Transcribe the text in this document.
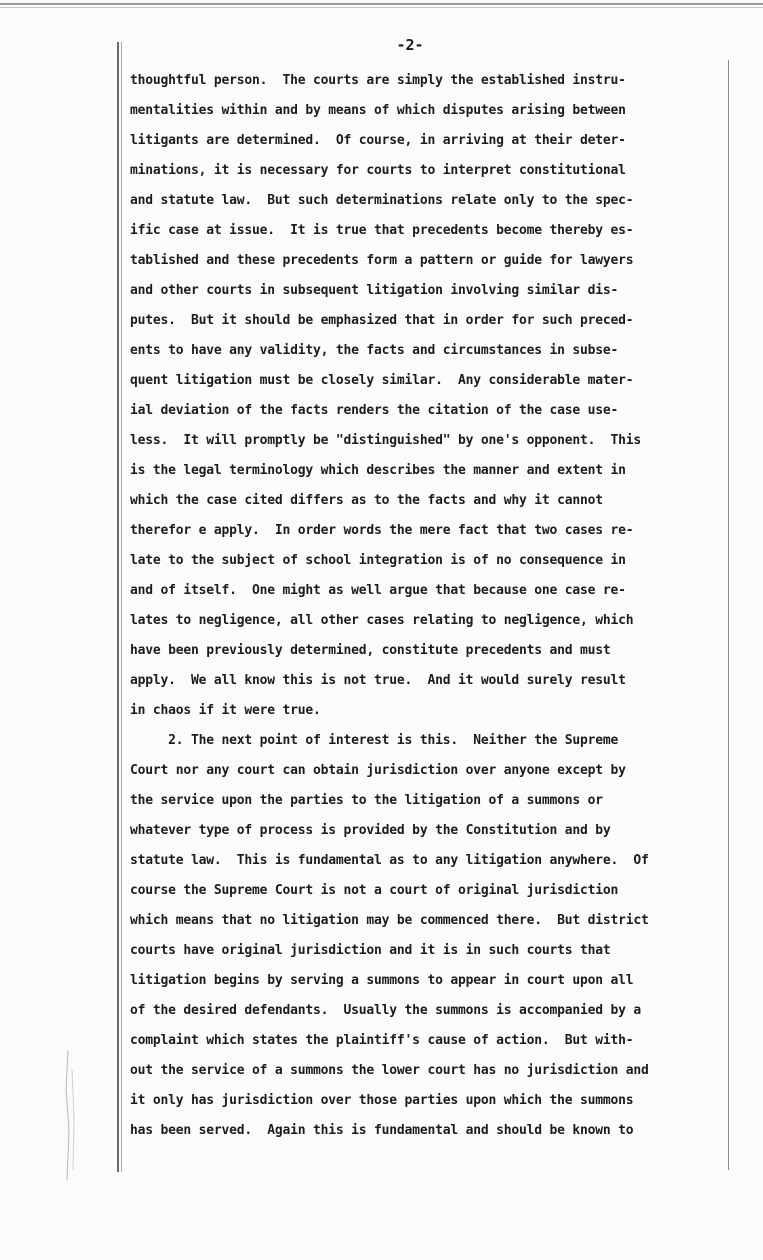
-2-
thoughtful person.  The courts are simply the established instru-
mentalities within and by means of which disputes arising between
litigants are determined.  Of course, in arriving at their deter-
minations, it is necessary for courts to interpret constitutional
and statute law.  But such determinations relate only to the spec-
ific case at issue.  It is true that precedents become thereby es-
tablished and these precedents form a pattern or guide for lawyers
and other courts in subsequent litigation involving similar dis-
putes.  But it should be emphasized that in order for such preced-
ents to have any validity, the facts and circumstances in subse-
quent litigation must be closely similar.  Any considerable mater-
ial deviation of the facts renders the citation of the case use-
less.  It will promptly be "distinguished" by one's opponent.  This
is the legal terminology which describes the manner and extent in
which the case cited differs as to the facts and why it cannot
therefor e apply.  In order words the mere fact that two cases re-
late to the subject of school integration is of no consequence in
and of itself.  One might as well argue that because one case re-
lates to negligence, all other cases relating to negligence, which
have been previously determined, constitute precedents and must
apply.  We all know this is not true.  And it would surely result
in chaos if it were true.
2. The next point of interest is this.  Neither the Supreme
Court nor any court can obtain jurisdiction over anyone except by
the service upon the parties to the litigation of a summons or
whatever type of process is provided by the Constitution and by
statute law.  This is fundamental as to any litigation anywhere.  Of
course the Supreme Court is not a court of original jurisdiction
which means that no litigation may be commenced there.  But district
courts have original jurisdiction and it is in such courts that
litigation begins by serving a summons to appear in court upon all
of the desired defendants.  Usually the summons is accompanied by a
complaint which states the plaintiff's cause of action.  But with-
out the service of a summons the lower court has no jurisdiction and
it only has jurisdiction over those parties upon which the summons
has been served.  Again this is fundamental and should be known to
